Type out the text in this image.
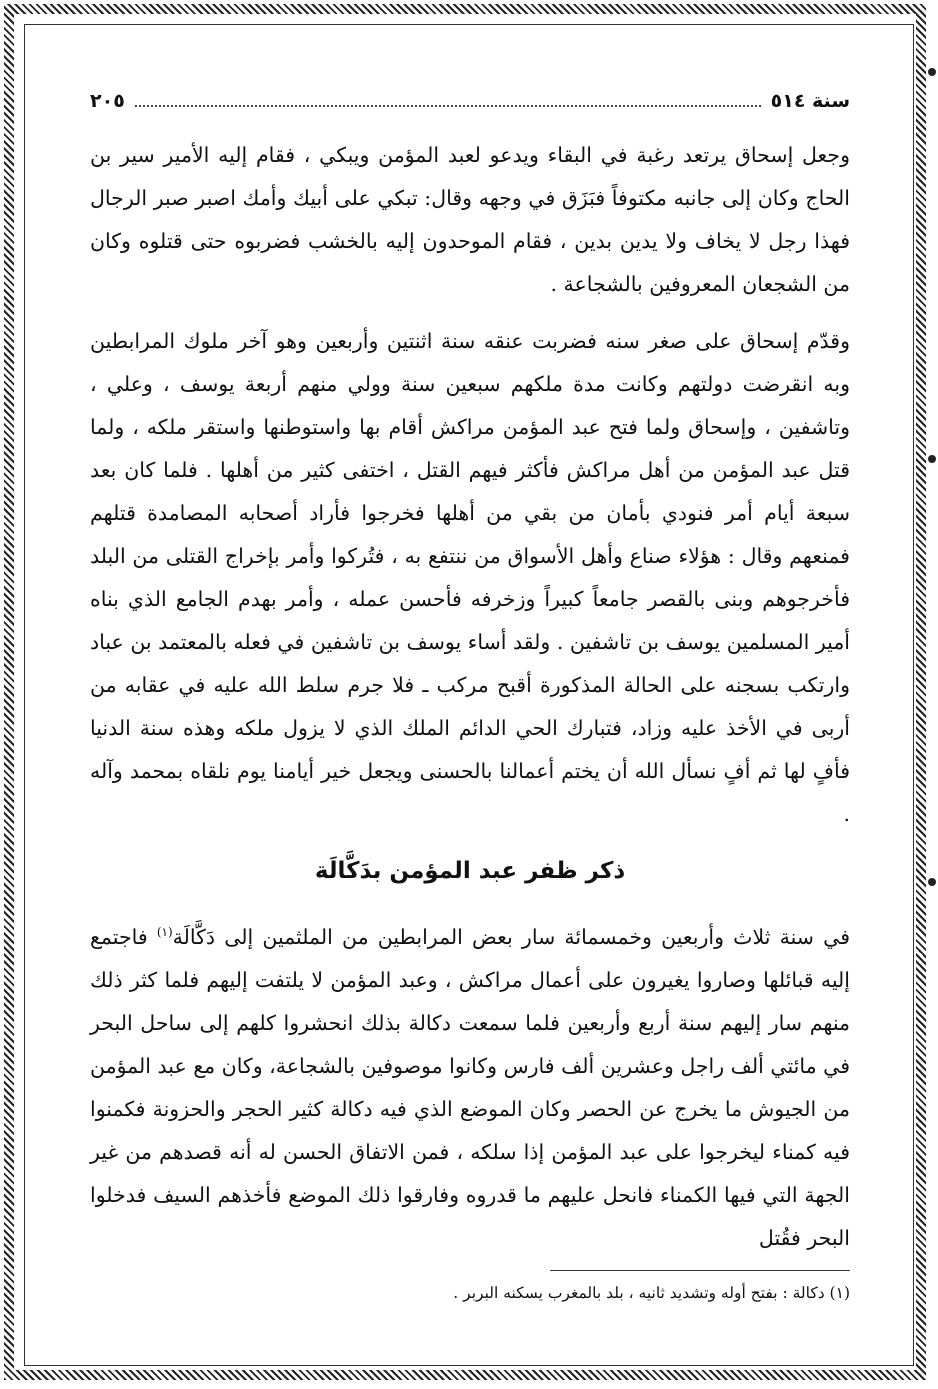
سنة ٥١٤
٢٠٥

وجعل إسحاق يرتعد رغبة في البقاء ويدعو لعبد المؤمن ويبكي ، فقام إليه الأمير سير بن الحاج وكان إلى جانبه مكتوفاً فبَزَق في وجهه وقال: تبكي على أبيك وأمك اصبر صبر الرجال فهذا رجل لا يخاف ولا يدين بدين ، فقام الموحدون إليه بالخشب فضربوه حتى قتلوه وكان من الشجعان المعروفين بالشجاعة .

وقدّم إسحاق على صغر سنه فضربت عنقه سنة اثنتين وأربعين وهو آخر ملوك المرابطين وبه انقرضت دولتهم وكانت مدة ملكهم سبعين سنة وولي منهم أربعة يوسف ، وعلي ، وتاشفين ، وإسحاق ولما فتح عبد المؤمن مراكش أقام بها واستوطنها واستقر ملكه ، ولما قتل عبد المؤمن من أهل مراكش فأكثر فيهم القتل ، اختفى كثير من أهلها . فلما كان بعد سبعة أيام أمر فنودي بأمان من بقي من أهلها فخرجوا فأراد أصحابه المصامدة قتلهم فمنعهم وقال : هؤلاء صناع وأهل الأسواق من ننتفع به ، فتُركوا وأمر بإخراج القتلى من البلد فأخرجوهم وبنى بالقصر جامعاً كبيراً وزخرفه فأحسن عمله ، وأمر بهدم الجامع الذي بناه أمير المسلمين يوسف بن تاشفين . ولقد أساء يوسف بن تاشفين في فعله بالمعتمد بن عباد وارتكب بسجنه على الحالة المذكورة أقبح مركب ـ فلا جرم سلط الله عليه في عقابه من أربى في الأخذ عليه وزاد، فتبارك الحي الدائم الملك الذي لا يزول ملكه وهذه سنة الدنيا فأفٍ لها ثم أفٍ نسأل الله أن يختم أعمالنا بالحسنى ويجعل خير أيامنا يوم نلقاه بمحمد وآله .

ذكر ظفر عبد المؤمن بدَكَّالَة

في سنة ثلاث وأربعين وخمسمائة سار بعض المرابطين من الملثمين إلى دَكَّالَة$^{(١)}$ فاجتمع إليه قبائلها وصاروا يغيرون على أعمال مراكش ، وعبد المؤمن لا يلتفت إليهم فلما كثر ذلك منهم سار إليهم سنة أربع وأربعين فلما سمعت دكالة بذلك انحشروا كلهم إلى ساحل البحر في مائتي ألف راجل وعشرين ألف فارس وكانوا موصوفين بالشجاعة، وكان مع عبد المؤمن من الجيوش ما يخرج عن الحصر وكان الموضع الذي فيه دكالة كثير الحجر والحزونة فكمنوا فيه كمناء ليخرجوا على عبد المؤمن إذا سلكه ، فمن الاتفاق الحسن له أنه قصدهم من غير الجهة التي فيها الكمناء فانحل عليهم ما قدروه وفارقوا ذلك الموضع فأخذهم السيف فدخلوا البحر فقُتل

(١) دكالة : بفتح أوله وتشديد ثانيه ، بلد بالمغرب يسكنه البربر .
